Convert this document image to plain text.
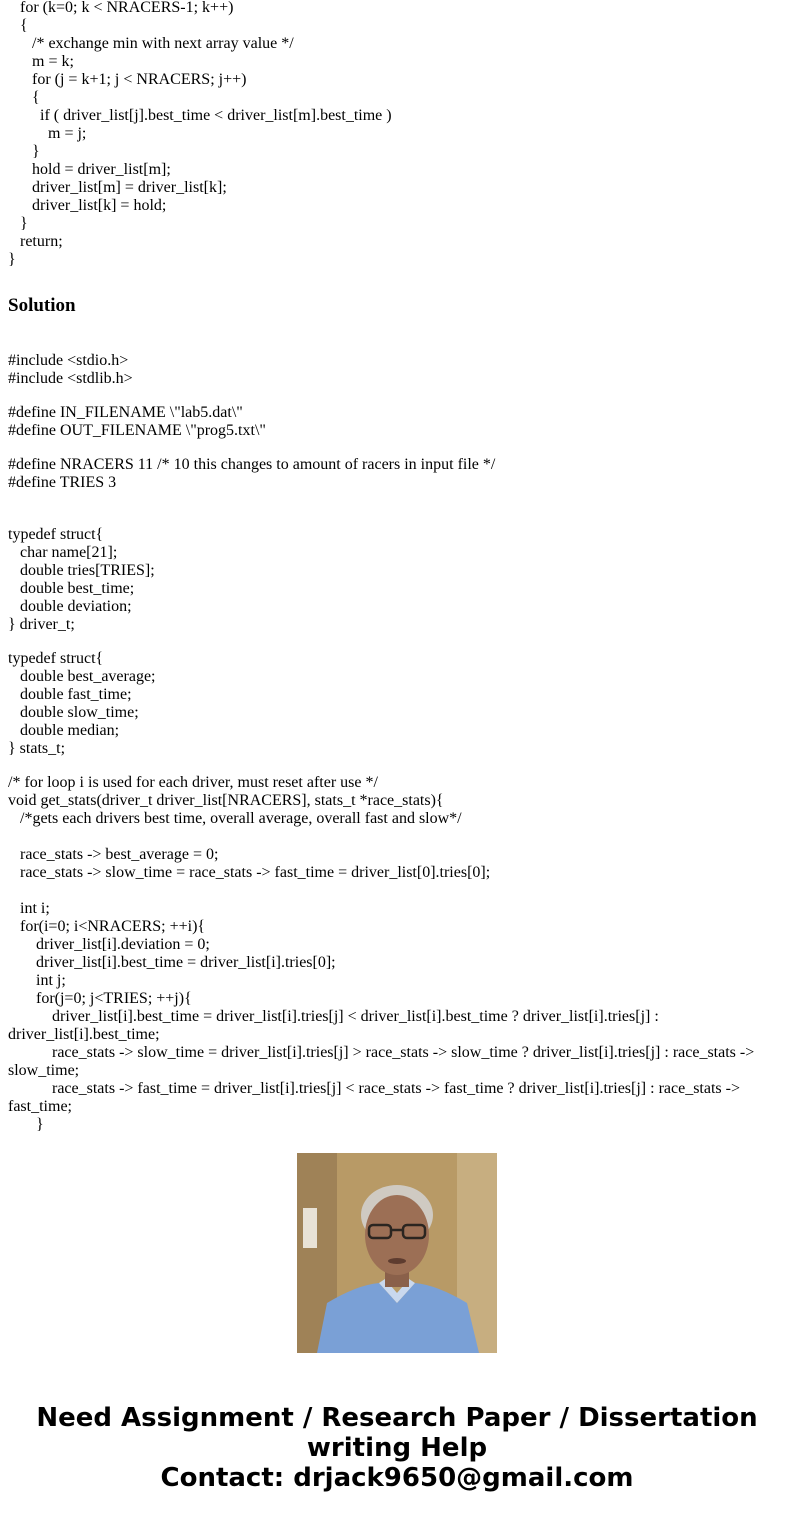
for (k=0; k < NRACERS-1; k++)
{
/* exchange min with next array value */
m = k;
for (j = k+1; j < NRACERS; j++)
{
if ( driver_list[j].best_time < driver_list[m].best_time )
m = j;
}
hold = driver_list[m];
driver_list[m] = driver_list[k];
driver_list[k] = hold;
}
return;
}
Solution
#include <stdio.h>
#include <stdlib.h>
#define IN_FILENAME \"lab5.dat\"
#define OUT_FILENAME \"prog5.txt\"
#define NRACERS 11 /* 10 this changes to amount of racers in input file */
#define TRIES 3
typedef struct{
char name[21];
double tries[TRIES];
double best_time;
double deviation;
} driver_t;
typedef struct{
double best_average;
double fast_time;
double slow_time;
double median;
} stats_t;
/* for loop i is used for each driver, must reset after use */
void get_stats(driver_t driver_list[NRACERS], stats_t *race_stats){
/*gets each drivers best time, overall average, overall fast and slow*/

race_stats -> best_average = 0;
race_stats -> slow_time = race_stats -> fast_time = driver_list[0].tries[0];

int i;
for(i=0; i<NRACERS; ++i){
driver_list[i].deviation = 0;
driver_list[i].best_time = driver_list[i].tries[0];
int j;
for(j=0; j<TRIES; ++j){
driver_list[i].best_time = driver_list[i].tries[j] < driver_list[i].best_time ? driver_list[i].tries[j] : driver_list[i].best_time;
race_stats -> slow_time = driver_list[i].tries[j] > race_stats -> slow_time ? driver_list[i].tries[j] : race_stats -> slow_time;
race_stats -> fast_time = driver_list[i].tries[j] < race_stats -> fast_time ? driver_list[i].tries[j] : race_stats -> fast_time;
}
Need Assignment / Research Paper / Dissertation
writing Help
Contact: drjack9650@gmail.com
